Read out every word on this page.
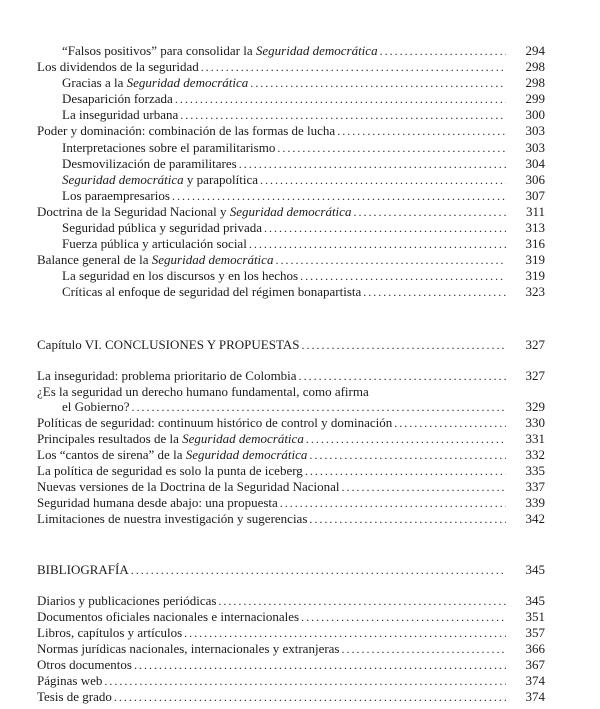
“Falsos positivos” para consolidar la Seguridad democrática .....	294
Los dividendos de la seguridad .....	298
Gracias a la Seguridad democrática .....	298
Desaparición forzada .....	299
La inseguridad urbana .....	300
Poder y dominación: combinación de las formas de lucha .....	303
Interpretaciones sobre el paramilitarismo .....	303
Desmovilización de paramilitares .....	304
Seguridad democrática y parapolítica .....	306
Los paraempresarios .....	307
Doctrina de la Seguridad Nacional y Seguridad democrática .....	311
Seguridad pública y seguridad privada .....	313
Fuerza pública y articulación social .....	316
Balance general de la Seguridad democrática .....	319
La seguridad en los discursos y en los hechos .....	319
Críticas al enfoque de seguridad del régimen bonapartista .....	323
Capítulo VI. CONCLUSIONES Y PROPUESTAS .....	327
La inseguridad: problema prioritario de Colombia .....	327
¿Es la seguridad un derecho humano fundamental, como afirma
el Gobierno? .....	329
Políticas de seguridad: continuum histórico de control y dominación .....	330
Principales resultados de la Seguridad democrática .....	331
Los “cantos de sirena” de la Seguridad democrática .....	332
La política de seguridad es solo la punta de iceberg .....	335
Nuevas versiones de la Doctrina de la Seguridad Nacional .....	337
Seguridad humana desde abajo: una propuesta .....	339
Limitaciones de nuestra investigación y sugerencias .....	342
BIBLIOGRAFÍA .....	345
Diarios y publicaciones periódicas .....	345
Documentos oficiales nacionales e internacionales .....	351
Libros, capítulos y artículos .....	357
Normas jurídicas nacionales, internacionales y extranjeras .....	366
Otros documentos .....	367
Páginas web .....	374
Tesis de grado .....	374
